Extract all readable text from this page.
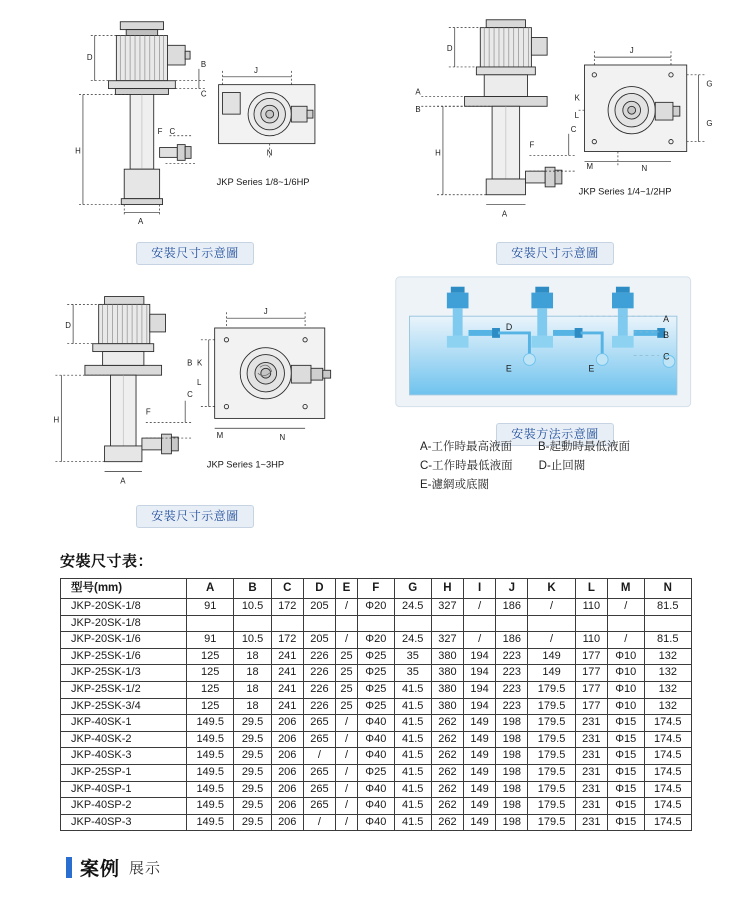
D
B
C
F C
H
A
J
N
JKP Series 1/8~1/6HP
安裝尺寸示意圖
D
A
B
H
C
F
A
J
G
G
K
L
M	N
JKP Series 1/4~1/2HP
安裝尺寸示意圖
D
B
C
F
H
A
J
K
L
M	N
JKP Series 1~3HP
安裝尺寸示意圖
A
B
C
D
E	E
安裝方法示意圖
A-工作時最高液面 B-起動時最低液面
C-工作時最低液面 D-止回閥
E-濾網或底閥
安裝尺寸表：
型号(mm)	A	B	C	D	E	F	G	H	I	J	K	L	M	N
JKP-20SK-1/8	91	10.5	172	205	/	Φ20	24.5	327	/	186	/	110	/	81.5
JKP-20SK-1/8														
JKP-20SK-1/6	91	10.5	172	205	/	Φ20	24.5	327	/	186	/	110	/	81.5
JKP-25SK-1/6	125	18	241	226	25	Φ25	35	380	194	223	149	177	Φ10	132
JKP-25SK-1/3	125	18	241	226	25	Φ25	35	380	194	223	149	177	Φ10	132
JKP-25SK-1/2	125	18	241	226	25	Φ25	41.5	380	194	223	179.5	177	Φ10	132
JKP-25SK-3/4	125	18	241	226	25	Φ25	41.5	380	194	223	179.5	177	Φ10	132
JKP-40SK-1	149.5	29.5	206	265	/	Φ40	41.5	262	149	198	179.5	231	Φ15	174.5
JKP-40SK-2	149.5	29.5	206	265	/	Φ40	41.5	262	149	198	179.5	231	Φ15	174.5
JKP-40SK-3	149.5	29.5	206	/	/	Φ40	41.5	262	149	198	179.5	231	Φ15	174.5
JKP-25SP-1	149.5	29.5	206	265	/	Φ25	41.5	262	149	198	179.5	231	Φ15	174.5
JKP-40SP-1	149.5	29.5	206	265	/	Φ40	41.5	262	149	198	179.5	231	Φ15	174.5
JKP-40SP-2	149.5	29.5	206	265	/	Φ40	41.5	262	149	198	179.5	231	Φ15	174.5
JKP-40SP-3	149.5	29.5	206	/	/	Φ40	41.5	262	149	198	179.5	231	Φ15	174.5
案例 展示
